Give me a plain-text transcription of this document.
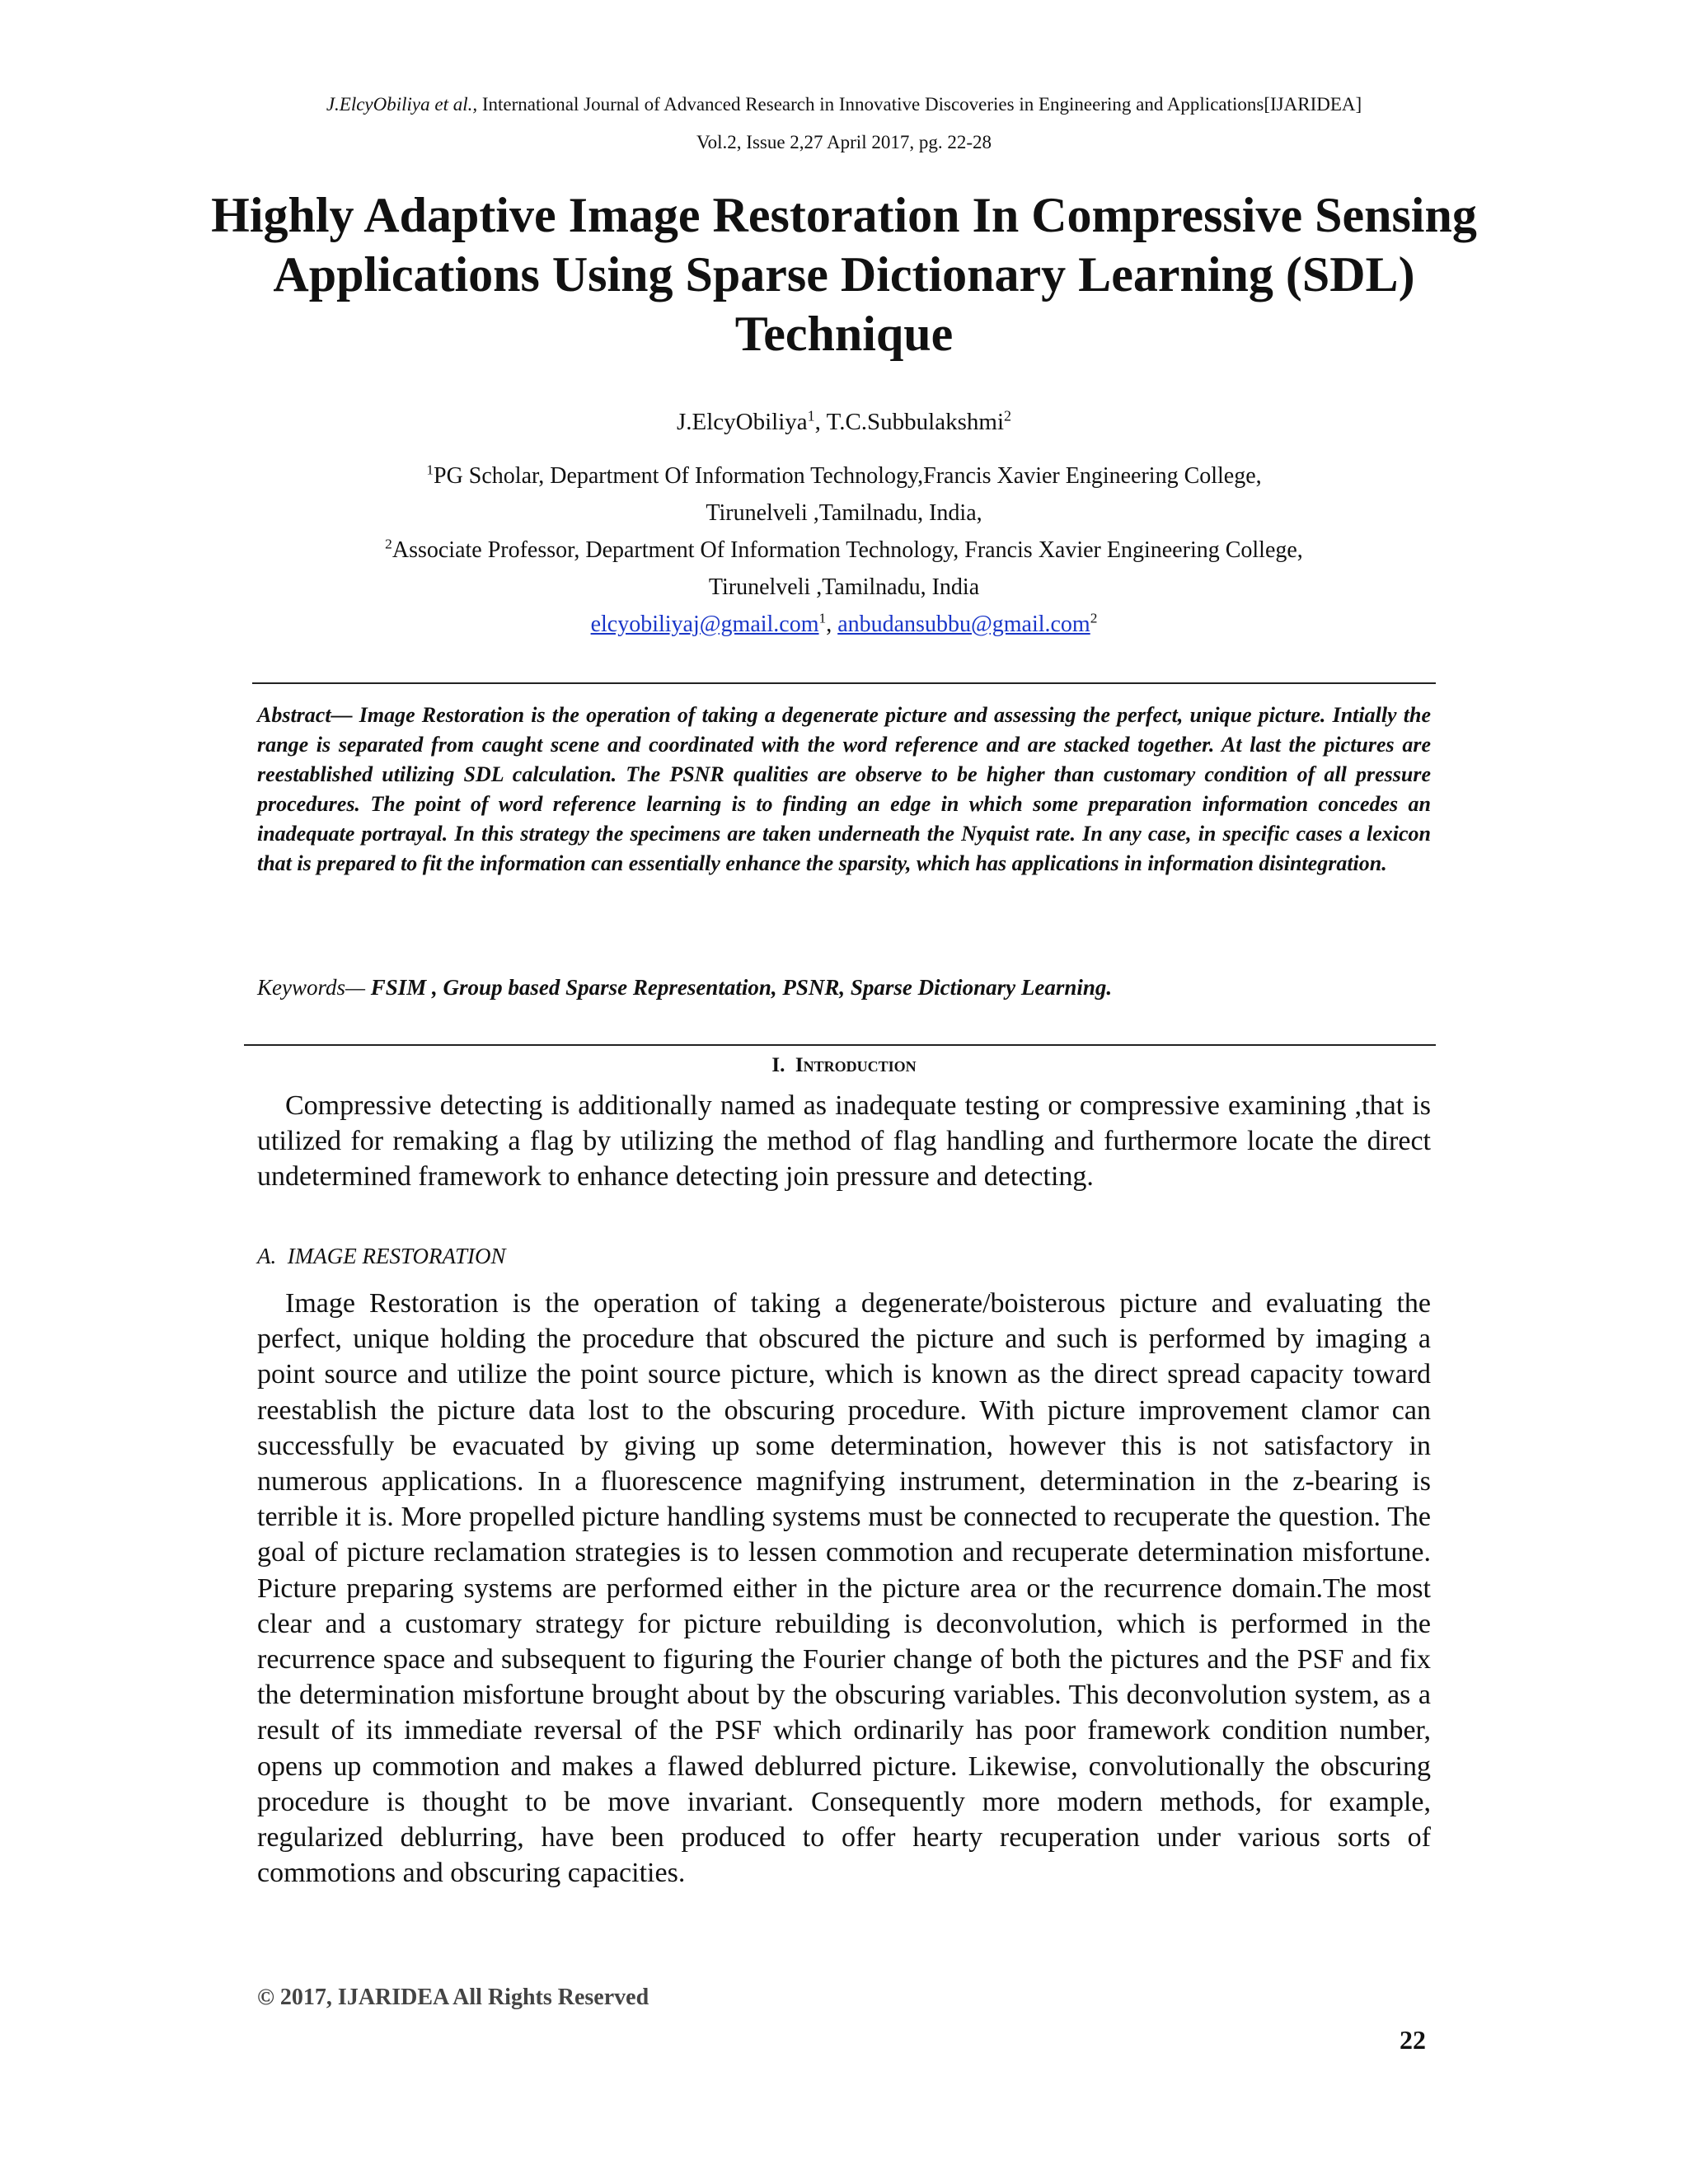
J.ElcyObiliya et al., International Journal of Advanced Research in Innovative Discoveries in Engineering and Applications[IJARIDEA]
Vol.2, Issue 2,27 April 2017, pg. 22-28
Highly Adaptive Image Restoration In Compressive Sensing Applications Using Sparse Dictionary Learning (SDL) Technique
J.ElcyObiliya$^1$, T.C.Subbulakshmi$^2$
$^1$PG Scholar, Department Of Information Technology,Francis Xavier Engineering College,
Tirunelveli ,Tamilnadu, India,
$^2$Associate Professor, Department Of Information Technology, Francis Xavier Engineering College,
Tirunelveli ,Tamilnadu, India
elcyobiliyaj@gmail.com$^1$, anbudansubbu@gmail.com$^2$
Abstract— Image Restoration is the operation of taking a degenerate picture and assessing the perfect, unique picture. Intially the range is separated from caught scene and coordinated with the word reference and are stacked together. At last the pictures are reestablished utilizing SDL calculation. The PSNR qualities are observe to be higher than customary condition of all pressure procedures. The point of word reference learning is to finding an edge in which some preparation information concedes an inadequate portrayal. In this strategy the specimens are taken underneath the Nyquist rate. In any case, in specific cases a lexicon that is prepared to fit the information can essentially enhance the sparsity, which has applications in information disintegration.
Keywords— FSIM , Group based Sparse Representation, PSNR, Sparse Dictionary Learning.
I. Introduction
Compressive detecting is additionally named as inadequate testing or compressive examining ,that is utilized for remaking a flag by utilizing the method of flag handling and furthermore locate the direct undetermined framework to enhance detecting join pressure and detecting.
A. IMAGE RESTORATION
Image Restoration is the operation of taking a degenerate/boisterous picture and evaluating the perfect, unique holding the procedure that obscured the picture and such is performed by imaging a point source and utilize the point source picture, which is known as the direct spread capacity toward reestablish the picture data lost to the obscuring procedure. With picture improvement clamor can successfully be evacuated by giving up some determination, however this is not satisfactory in numerous applications. In a fluorescence magnifying instrument, determination in the z-bearing is terrible it is. More propelled picture handling systems must be connected to recuperate the question. The goal of picture reclamation strategies is to lessen commotion and recuperate determination misfortune. Picture preparing systems are performed either in the picture area or the recurrence domain.The most clear and a customary strategy for picture rebuilding is deconvolution, which is performed in the recurrence space and subsequent to figuring the Fourier change of both the pictures and the PSF and fix the determination misfortune brought about by the obscuring variables. This deconvolution system, as a result of its immediate reversal of the PSF which ordinarily has poor framework condition number, opens up commotion and makes a flawed deblurred picture. Likewise, convolutionally the obscuring procedure is thought to be move invariant. Consequently more modern methods, for example, regularized deblurring, have been produced to offer hearty recuperation under various sorts of commotions and obscuring capacities.
© 2017, IJARIDEA All Rights Reserved
22
